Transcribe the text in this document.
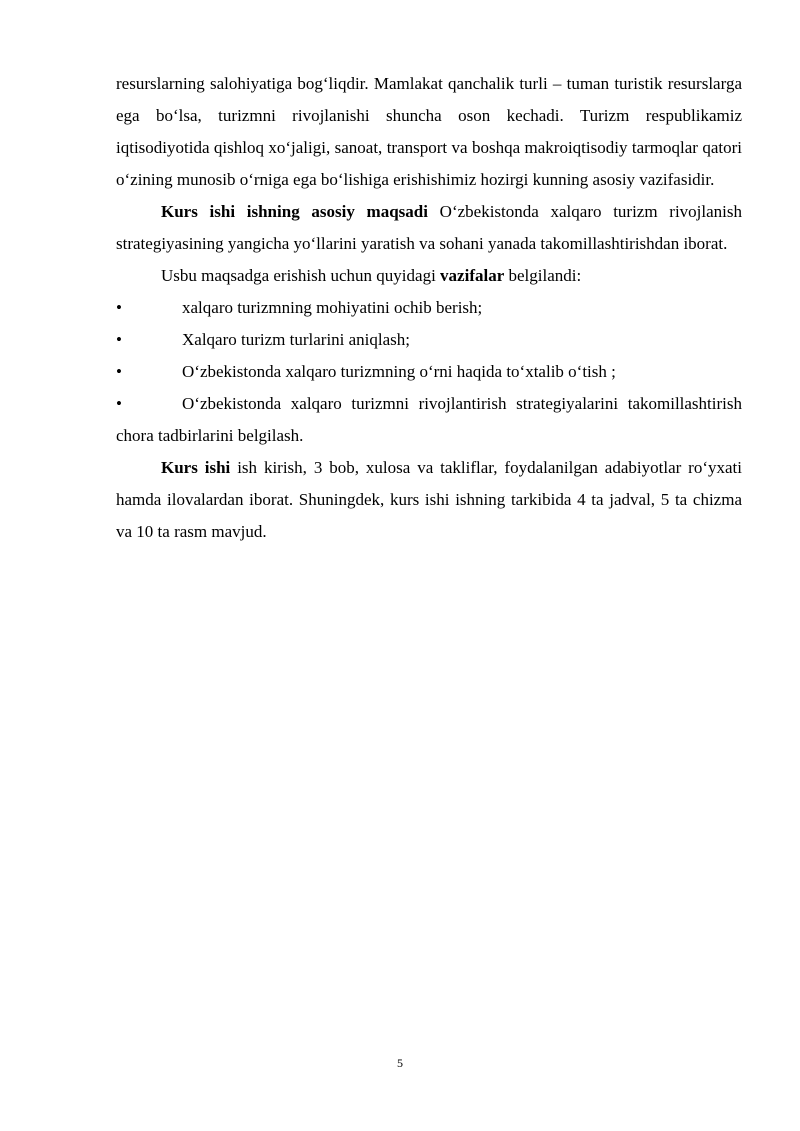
resurslarning salohiyatiga bog‘liqdir. Mamlakat qanchalik turli – tuman turistik resurslarga ega bo‘lsa, turizmni rivojlanishi shuncha oson kechadi. Turizm respublikamiz iqtisodiyotida qishloq xo‘jaligi, sanoat, transport va boshqa makroiqtisodiy tarmoqlar qatori o‘zining munosib o‘rniga ega bo‘lishiga erishishimiz hozirgi kunning asosiy vazifasidir.

Kurs ishi ishning asosiy maqsadi O‘zbekistonda xalqaro turizm rivojlanish strategiyasining yangicha yo‘llarini yaratish va sohani yanada takomillashtirishdan iborat.

Usbu maqsadga erishish uchun quyidagi vazifalar belgilandi:

•	xalqaro turizmning mohiyatini ochib berish;
•	Xalqaro turizm turlarini aniqlash;
•	O‘zbekistonda xalqaro turizmning o‘rni haqida to‘xtalib o‘tish ;
•	O‘zbekistonda xalqaro turizmni rivojlantirish strategiyalarini takomillashtirish chora tadbirlarini belgilash.

Kurs ishi ish kirish, 3 bob, xulosa va takliflar, foydalanilgan adabiyotlar ro‘yxati hamda ilovalardan iborat. Shuningdek, kurs ishi ishning tarkibida 4 ta jadval, 5 ta chizma va 10 ta rasm mavjud.

5
